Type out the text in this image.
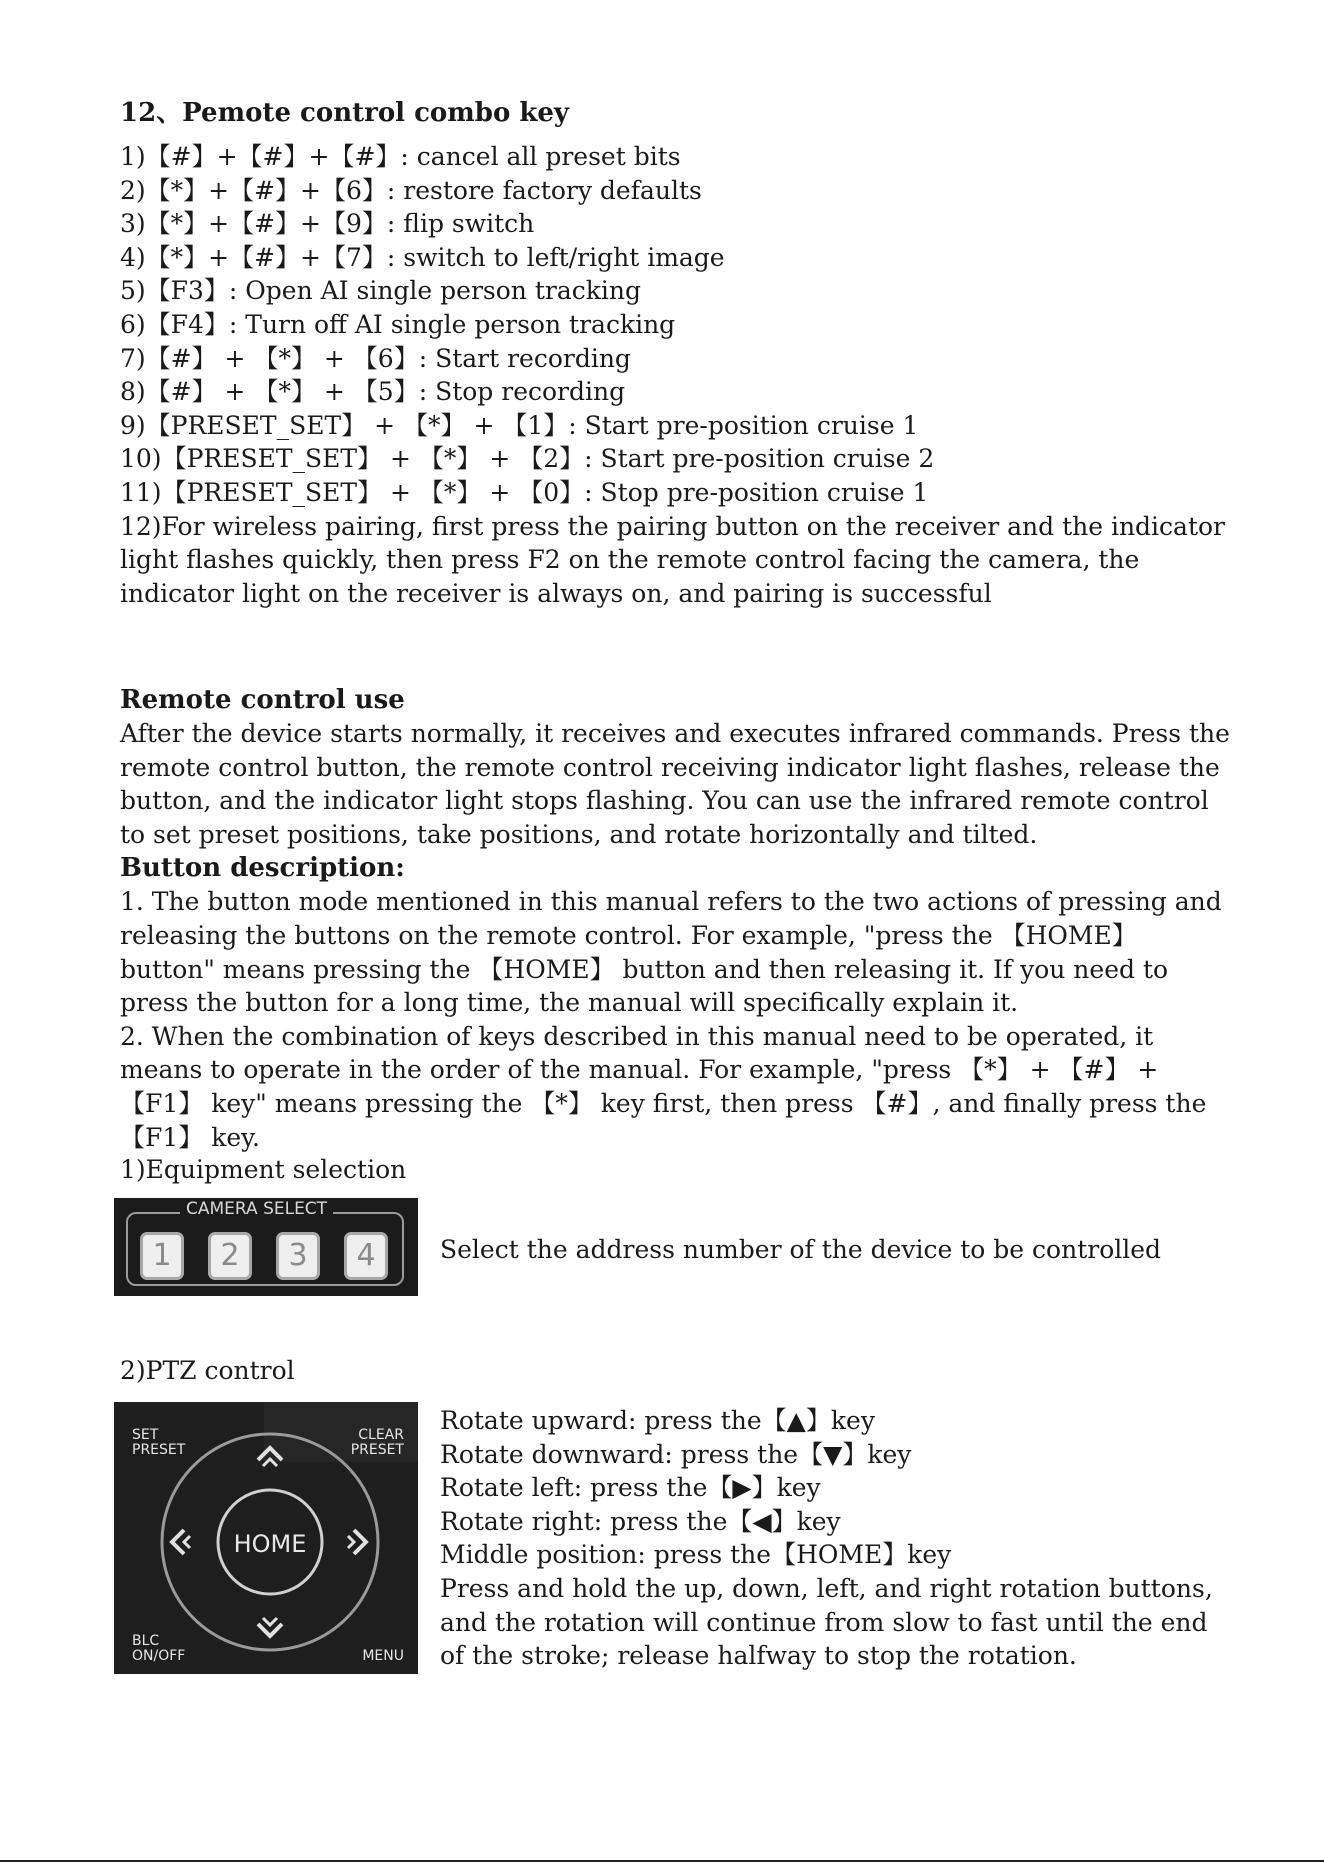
12、Pemote control combo key
1)【#】+【#】+【#】: cancel all preset bits
2)【*】+【#】+【6】: restore factory defaults
3)【*】+【#】+【9】: flip switch
4)【*】+【#】+【7】: switch to left/right image
5)【F3】: Open AI single person tracking
6)【F4】: Turn off AI single person tracking
7)【#】 + 【*】 + 【6】: Start recording
8)【#】 + 【*】 + 【5】: Stop recording
9)【PRESET_SET】 + 【*】 + 【1】: Start pre-position cruise 1
10)【PRESET_SET】 + 【*】 + 【2】: Start pre-position cruise 2
11)【PRESET_SET】 + 【*】 + 【0】: Stop pre-position cruise 1
12)For wireless pairing, first press the pairing button on the receiver and the indicator light flashes quickly, then press F2 on the remote control facing the camera, the indicator light on the receiver is always on, and pairing is successful
Remote control use

After the device starts normally, it receives and executes infrared commands. Press the remote control button, the remote control receiving indicator light flashes, release the button, and the indicator light stops flashing. You can use the infrared remote control to set preset positions, take positions, and rotate horizontally and tilted.

Button description:

1. The button mode mentioned in this manual refers to the two actions of pressing and releasing the buttons on the remote control. For example, "press the 【HOME】 button" means pressing the 【HOME】 button and then releasing it. If you need to press the button for a long time, the manual will specifically explain it.

2. When the combination of keys described in this manual need to be operated, it means to operate in the order of the manual. For example, "press 【*】 + 【#】 + 【F1】 key" means pressing the 【*】 key first, then press 【#】, and finally press the 【F1】 key.

1)Equipment selection
CAMERA SELECT
1	2	3	4	Select the address number of the device to be controlled
2)PTZ control
HOME
SET
PRESET
CLEAR
PRESET
BLC
ON/OFF	MENU
Rotate upward: press the【▲】key
Rotate downward: press the【▼】key
Rotate left: press the【▶】key
Rotate right: press the【◀】key
Middle position: press the【HOME】key
Press and hold the up, down, left, and right rotation buttons, and the rotation will continue from slow to fast until the end of the stroke; release halfway to stop the rotation.
